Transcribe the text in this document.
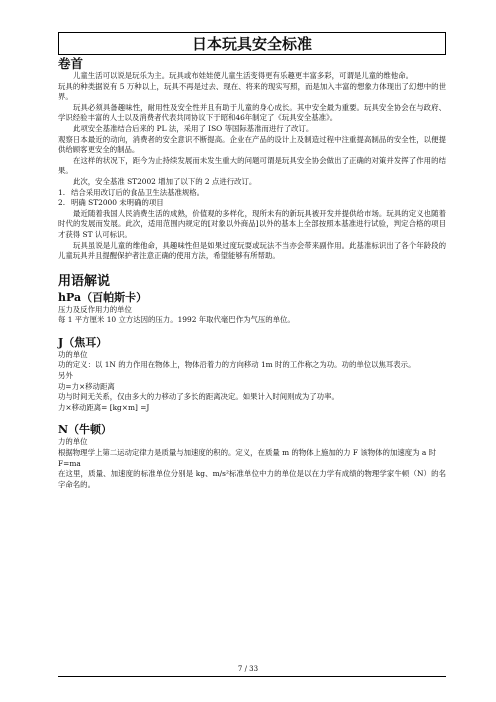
日本玩具安全标准
卷首

儿童生活可以说是玩乐为主。玩具或布娃娃使儿童生活变得更有乐趣更丰富多彩，可谓是儿童的维他命。

玩具的种类据说有 5 万种以上，玩具不再是过去、现在、将来的现实写照，而是加入丰富的想象力体现出了幻想中的世界。

玩具必须具备趣味性，耐用性及安全性并且有助于儿童的身心成长。其中安全最为重要。玩具安全协会在与政府、学识经验丰富的人士以及消费者代表共同协议下于昭和46年制定了《玩具安全基准》。

此项安全基准结合后来的 PL 法，采用了 ISO 等国际基准而进行了改订。

观察日本最近的动向，消费者的安全意识不断提高。企业在产品的设计上及制造过程中注重提高制品的安全性，以便提供给顾客更安全的制品。

在这样的状况下，距今为止持续发展而未发生重大的问题可谓是玩具安全协会做出了正确的对策并发挥了作用的结果。

此次，安全基准 ST2002 增加了以下的 2 点进行改订。

1. 结合采用改订后的食品卫生法基准规格。

2. 明确 ST2000 未明确的项目

最近随着我国人民消费生活的成熟，价值观的多样化，现所未有的新玩具被开发并提供给市场。玩具的定义也随着时代的发展而发展。此次，适用范围内规定的[对象以外商品]以外的基本上全部按照本基准进行试验，判定合格的项目才获得 ST 认可标识。

玩具虽说是儿童的维他命，具趣味性但是如果过度玩耍或玩法不当亦会带来副作用。此基准标识出了各个年龄段的儿童玩具并且提醒保护者注意正确的使用方法，希望能够有所帮助。

用语解说
hPa（百帕斯卡）

压力及反作用力的单位

每 1 平方厘米 10 立方达因的压力。1992 年取代毫巴作为气压的单位。

J（焦耳）

功的单位

功的定义：以 1N 的力作用在物体上，物体沿着力的方向移动 1m 时的工作称之为功。功的单位以焦耳表示。

另外

功=力×移动距离

功与时间无关系，仅由多大的力移动了多长的距离决定。如果计入时间则成为了功率。

力×移动距离= [kg×m] =J

N（牛顿）

力的单位

根据物理学上第二运动定律力是质量与加速度的积的。定义，在质量 m 的物体上施加的力 F 该物体的加速度为 a 时

F=ma

在这里，质量、加速度的标准单位分别是 kg、m/s²标准单位中力的单位是以在力学有成绩的物理学家牛顿（N）的名字命名的。

7 / 33
